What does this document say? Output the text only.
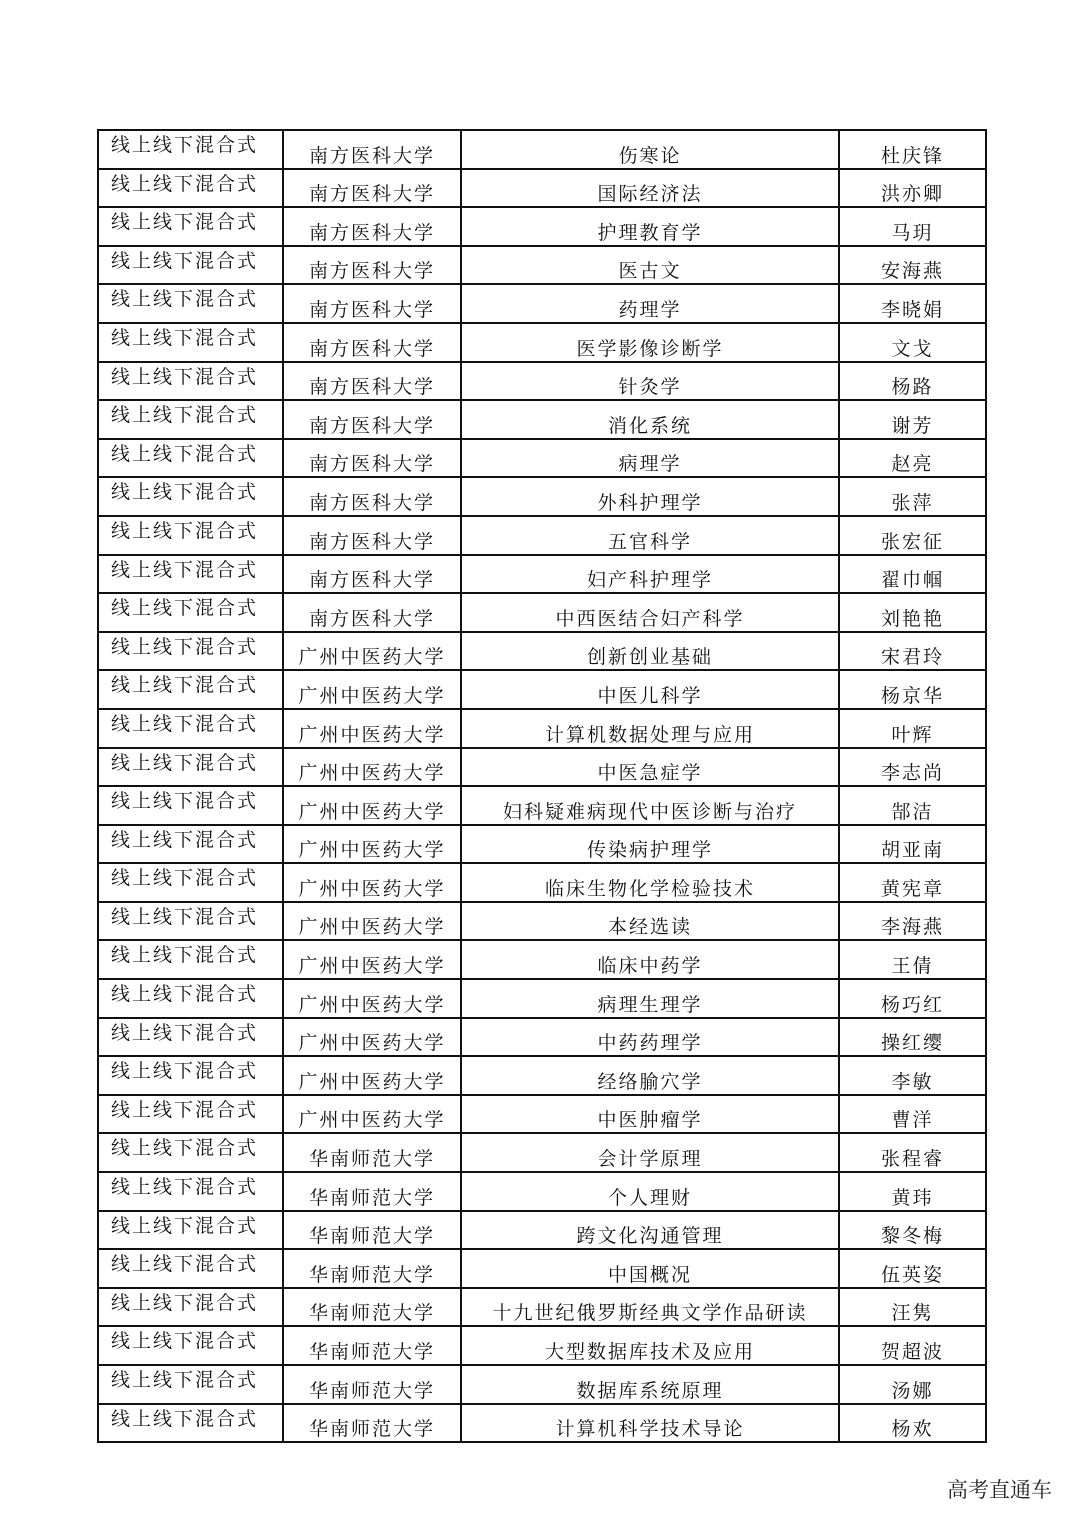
线上线下混合式	南方医科大学	伤寒论	杜庆锋
线上线下混合式	南方医科大学	国际经济法	洪亦卿
线上线下混合式	南方医科大学	护理教育学	马玥
线上线下混合式	南方医科大学	医古文	安海燕
线上线下混合式	南方医科大学	药理学	李晓娟
线上线下混合式	南方医科大学	医学影像诊断学	文戈
线上线下混合式	南方医科大学	针灸学	杨路
线上线下混合式	南方医科大学	消化系统	谢芳
线上线下混合式	南方医科大学	病理学	赵亮
线上线下混合式	南方医科大学	外科护理学	张萍
线上线下混合式	南方医科大学	五官科学	张宏征
线上线下混合式	南方医科大学	妇产科护理学	翟巾帼
线上线下混合式	南方医科大学	中西医结合妇产科学	刘艳艳
线上线下混合式	广州中医药大学	创新创业基础	宋君玲
线上线下混合式	广州中医药大学	中医儿科学	杨京华
线上线下混合式	广州中医药大学	计算机数据处理与应用	叶辉
线上线下混合式	广州中医药大学	中医急症学	李志尚
线上线下混合式	广州中医药大学	妇科疑难病现代中医诊断与治疗	郜洁
线上线下混合式	广州中医药大学	传染病护理学	胡亚南
线上线下混合式	广州中医药大学	临床生物化学检验技术	黄宪章
线上线下混合式	广州中医药大学	本经选读	李海燕
线上线下混合式	广州中医药大学	临床中药学	王倩
线上线下混合式	广州中医药大学	病理生理学	杨巧红
线上线下混合式	广州中医药大学	中药药理学	操红缨
线上线下混合式	广州中医药大学	经络腧穴学	李敏
线上线下混合式	广州中医药大学	中医肿瘤学	曹洋
线上线下混合式	华南师范大学	会计学原理	张程睿
线上线下混合式	华南师范大学	个人理财	黄玮
线上线下混合式	华南师范大学	跨文化沟通管理	黎冬梅
线上线下混合式	华南师范大学	中国概况	伍英姿
线上线下混合式	华南师范大学	十九世纪俄罗斯经典文学作品研读	汪隽
线上线下混合式	华南师范大学	大型数据库技术及应用	贺超波
线上线下混合式	华南师范大学	数据库系统原理	汤娜
线上线下混合式	华南师范大学	计算机科学技术导论	杨欢
高考直通车
